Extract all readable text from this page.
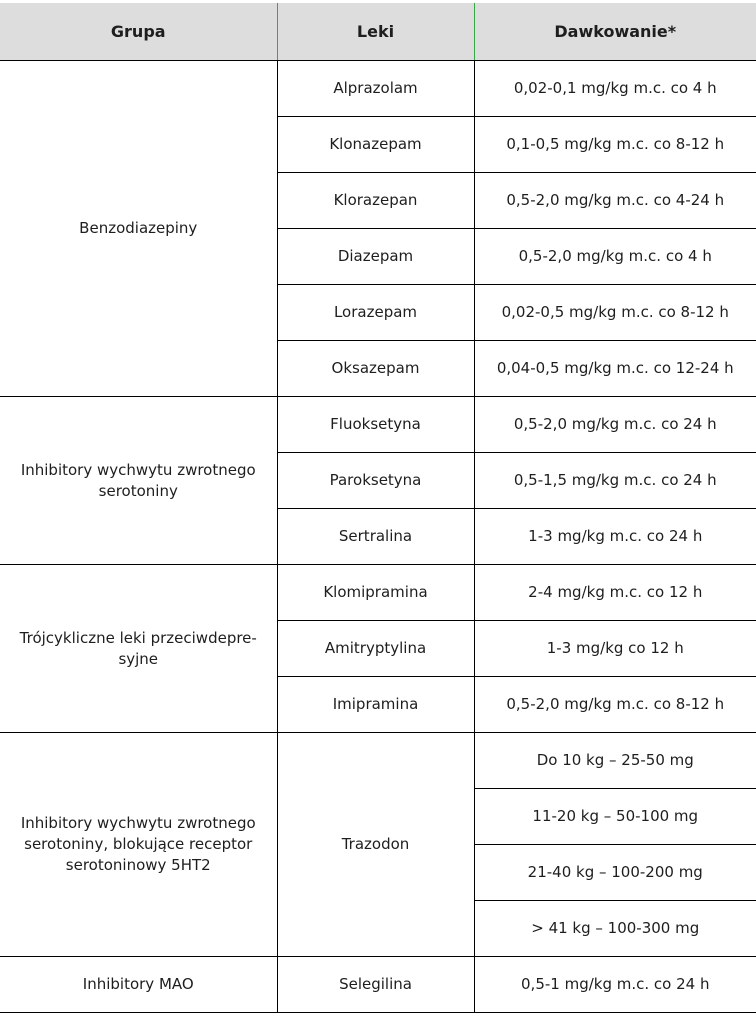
Grupa	Leki	Dawkowanie*
Benzodiazepiny	Alprazolam	0,02-0,1 mg/kg m.c. co 4 h
	Klonazepam	0,1-0,5 mg/kg m.c. co 8-12 h
	Klorazepan	0,5-2,0 mg/kg m.c. co 4-24 h
	Diazepam	0,5-2,0 mg/kg m.c. co 4 h
	Lorazepam	0,02-0,5 mg/kg m.c. co 8-12 h
	Oksazepam	0,04-0,5 mg/kg m.c. co 12-24 h
Inhibitory wychwytu zwrotnego serotoniny	Fluoksetyna	0,5-2,0 mg/kg m.c. co 24 h
	Paroksetyna	0,5-1,5 mg/kg m.c. co 24 h
	Sertralina	1-3 mg/kg m.c. co 24 h
Trójcykliczne leki przeciwdepre-syjne	Klomipramina	2-4 mg/kg m.c. co 12 h
	Amitryptylina	1-3 mg/kg co 12 h
	Imipramina	0,5-2,0 mg/kg m.c. co 8-12 h
Inhibitory wychwytu zwrotnego serotoniny, blokujące receptor serotoninowy 5HT2	Trazodon	Do 10 kg – 25-50 mg
		11-20 kg – 50-100 mg
		21-40 kg – 100-200 mg
		> 41 kg – 100-300 mg
Inhibitory MAO	Selegilina	0,5-1 mg/kg m.c. co 24 h
